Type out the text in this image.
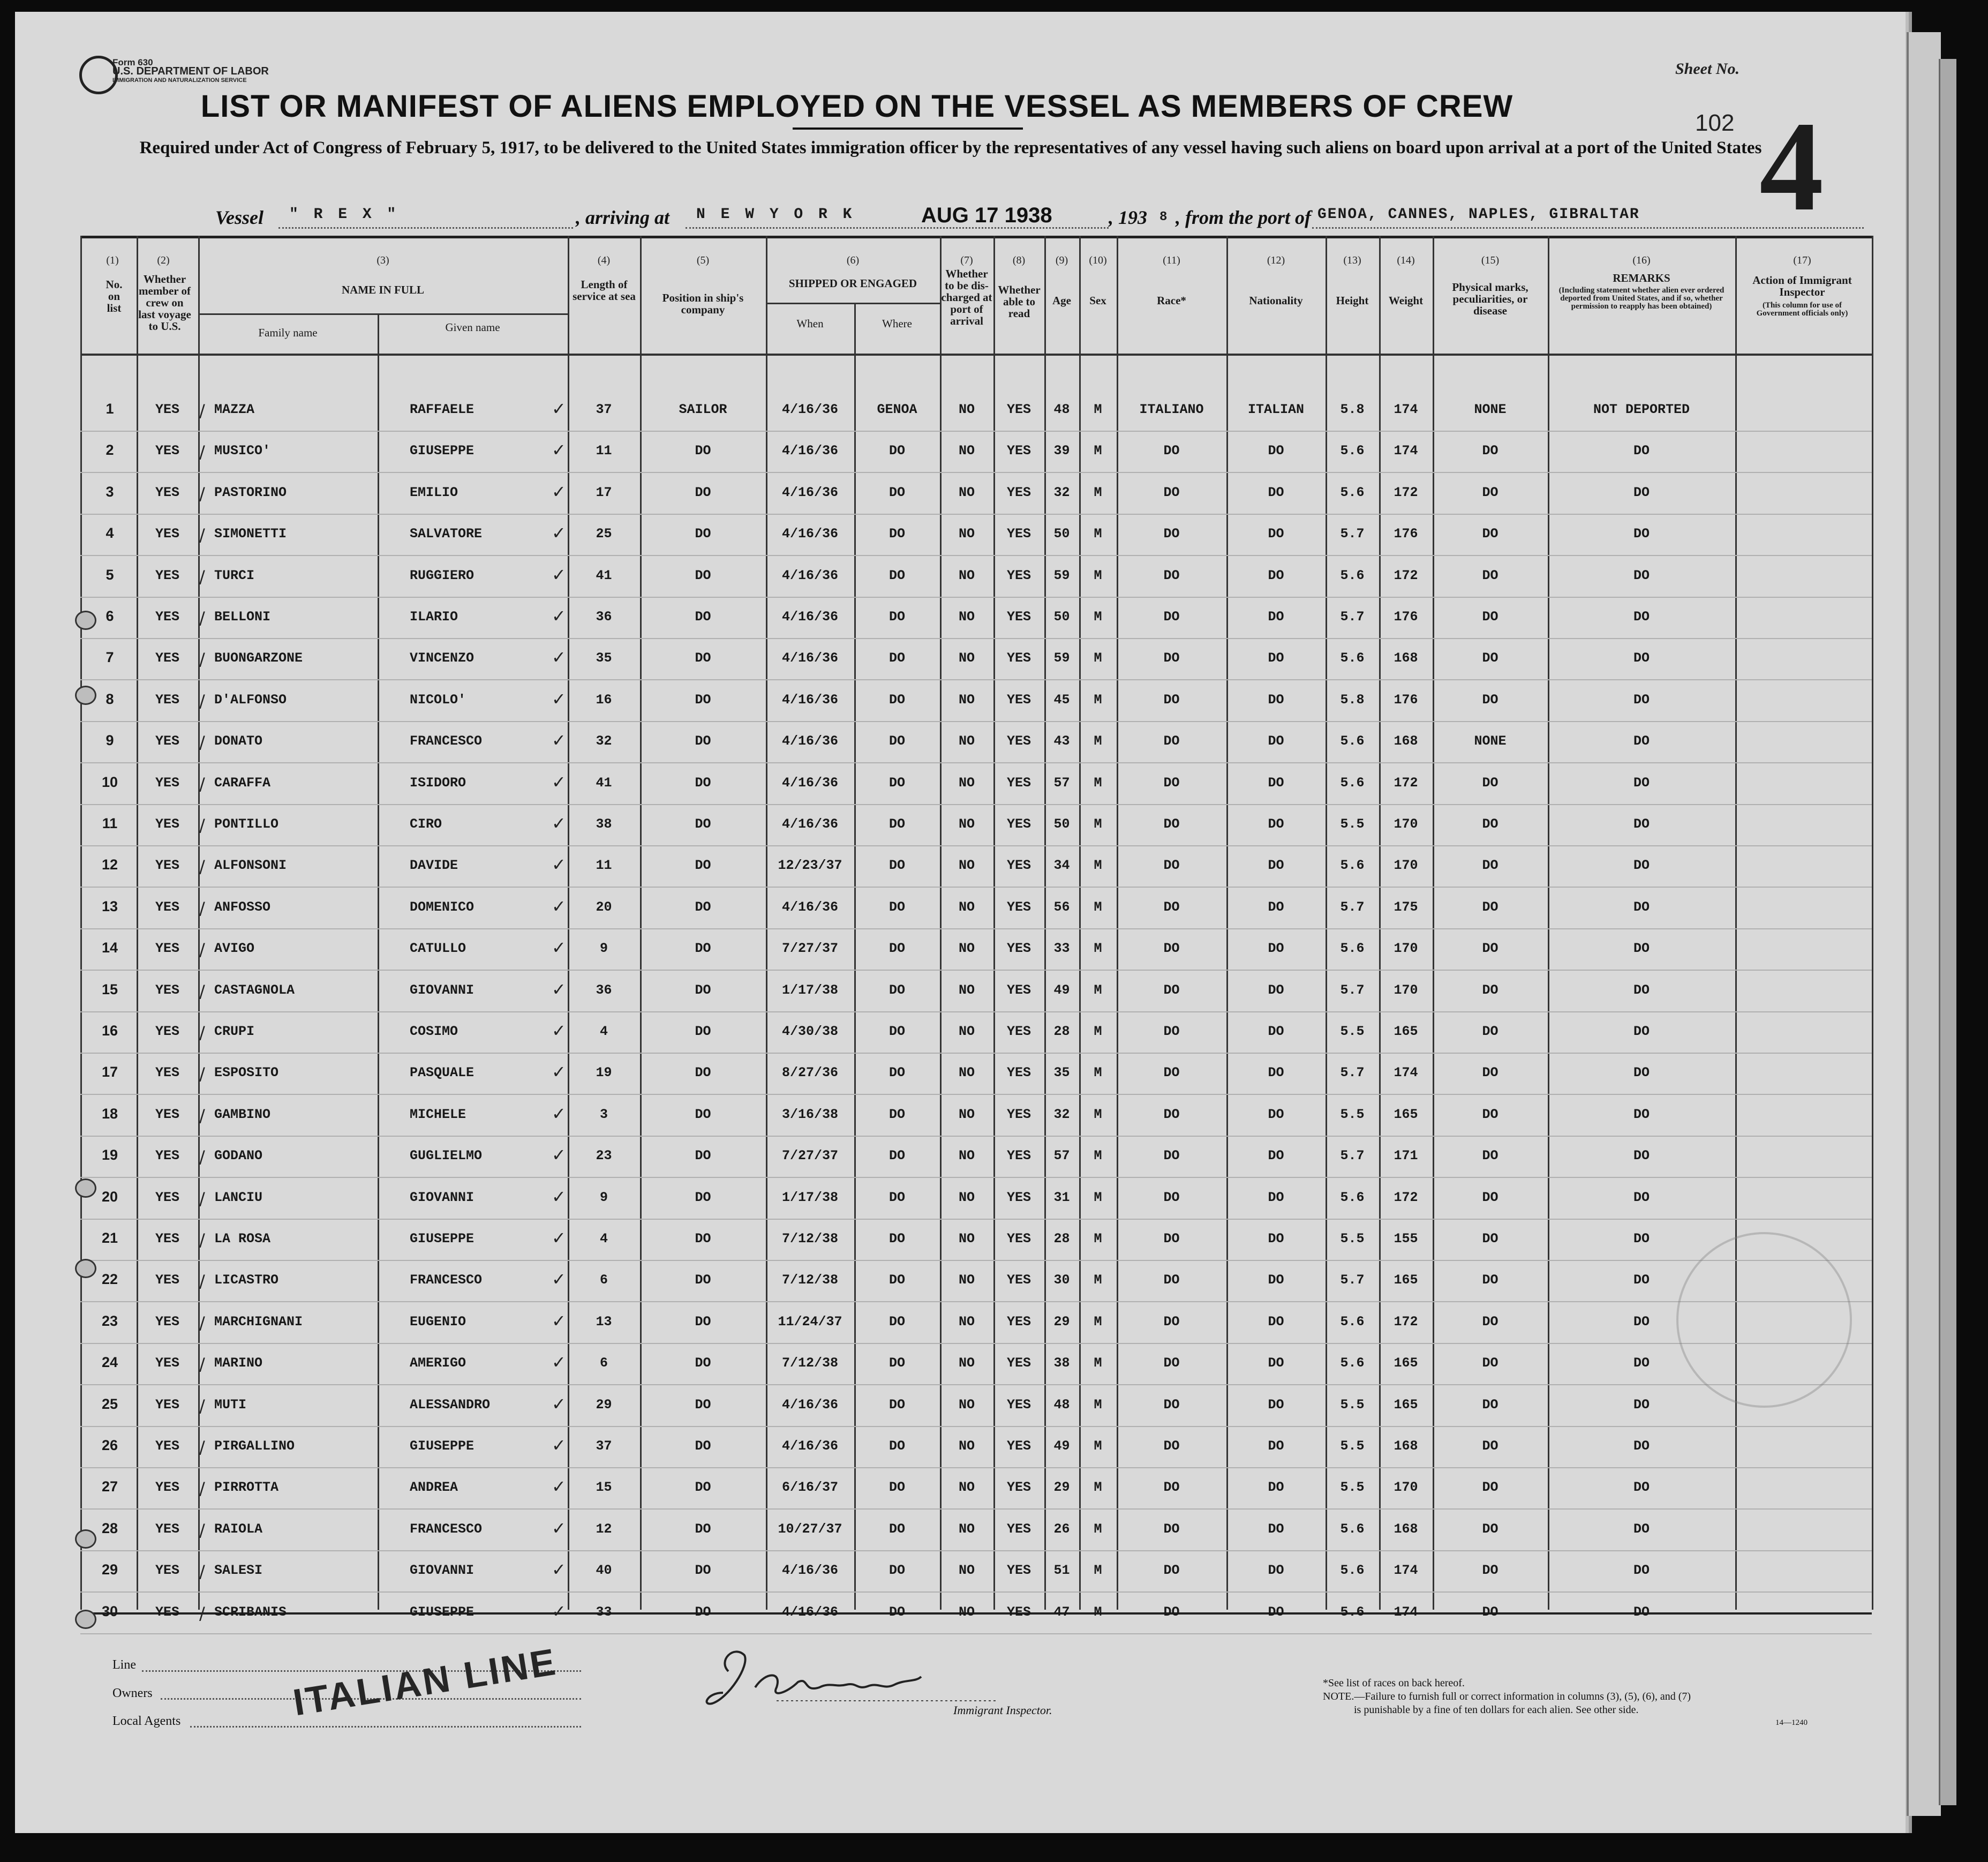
Form 630
U.S. DEPARTMENT OF LABOR
IMMIGRATION AND NATURALIZATION SERVICE
Sheet No.
102 4
LIST OR MANIFEST OF ALIENS EMPLOYED ON THE VESSEL AS MEMBERS OF CREW
Required under Act of Congress of February 5, 1917, to be delivered to the United States immigration officer by the representatives of any vessel having such aliens on board upon arrival at a port of the United States
Vessel " R E X "	, arriving at N E W Y O R K	AUG 17 1938	, 193 8 , from the port of GENOA, CANNES, NAPLES, GIBRALTAR
(1)
No. on list
(2)
Whether member of crew on last voyage to U.S.
(3)
NAME IN FULL
Family name	Given name
(4)
Length of service at sea
(5)
Position in ship's company
(6)
SHIPPED OR ENGAGED
When	Where
(7)
Whether to be dis-charged at port of arrival
(8)
Whether able to read
(9)
Age
(10)
Sex
(11)
Race*
(12)
Nationality
(13)
Height
(14)
Weight
(15)
Physical marks, peculiarities, or disease
(16)
REMARKS
(Including statement whether alien ever ordered deported from United States, and if so, whether permission to reapply has been obtained)
(17)
Action of Immigrant Inspector
(This column for use of Government officials only)
1	YES	MAZZA	RAFFAELE	37	SAILOR	4/16/36	GENOA	NO	YES	48	M	ITALIANO	ITALIAN	5.8	174	NONE	NOT DEPORTED
/	✓
2	YES	MUSICO'	GIUSEPPE	11	DO	4/16/36	DO	NO	YES	39	M	DO	DO	5.6	174	DO	DO
/	✓
3	YES	PASTORINO	EMILIO	17	DO	4/16/36	DO	NO	YES	32	M	DO	DO	5.6	172	DO	DO
/	✓
4	YES	SIMONETTI	SALVATORE	25	DO	4/16/36	DO	NO	YES	50	M	DO	DO	5.7	176	DO	DO
/	✓
5	YES	TURCI	RUGGIERO	41	DO	4/16/36	DO	NO	YES	59	M	DO	DO	5.6	172	DO	DO
/	✓
6	YES	BELLONI	ILARIO	36	DO	4/16/36	DO	NO	YES	50	M	DO	DO	5.7	176	DO	DO
/	✓
7	YES	BUONGARZONE	VINCENZO	35	DO	4/16/36	DO	NO	YES	59	M	DO	DO	5.6	168	DO	DO
/	✓
8	YES	D'ALFONSO	NICOLO'	16	DO	4/16/36	DO	NO	YES	45	M	DO	DO	5.8	176	DO	DO
/	✓
9	YES	DONATO	FRANCESCO	32	DO	4/16/36	DO	NO	YES	43	M	DO	DO	5.6	168	NONE	DO
/	✓
10	YES	CARAFFA	ISIDORO	41	DO	4/16/36	DO	NO	YES	57	M	DO	DO	5.6	172	DO	DO
/	✓
11	YES	PONTILLO	CIRO	38	DO	4/16/36	DO	NO	YES	50	M	DO	DO	5.5	170	DO	DO
/	✓
12	YES	ALFONSONI	DAVIDE	11	DO	12/23/37	DO	NO	YES	34	M	DO	DO	5.6	170	DO	DO
/	✓
13	YES	ANFOSSO	DOMENICO	20	DO	4/16/36	DO	NO	YES	56	M	DO	DO	5.7	175	DO	DO
/	✓
14	YES	AVIGO	CATULLO	9	DO	7/27/37	DO	NO	YES	33	M	DO	DO	5.6	170	DO	DO
/	✓
15	YES	CASTAGNOLA	GIOVANNI	36	DO	1/17/38	DO	NO	YES	49	M	DO	DO	5.7	170	DO	DO
/	✓
16	YES	CRUPI	COSIMO	4	DO	4/30/38	DO	NO	YES	28	M	DO	DO	5.5	165	DO	DO
/	✓
17	YES	ESPOSITO	PASQUALE	19	DO	8/27/36	DO	NO	YES	35	M	DO	DO	5.7	174	DO	DO
/	✓
18	YES	GAMBINO	MICHELE	3	DO	3/16/38	DO	NO	YES	32	M	DO	DO	5.5	165	DO	DO
/	✓
19	YES	GODANO	GUGLIELMO	23	DO	7/27/37	DO	NO	YES	57	M	DO	DO	5.7	171	DO	DO
/	✓
20	YES	LANCIU	GIOVANNI	9	DO	1/17/38	DO	NO	YES	31	M	DO	DO	5.6	172	DO	DO
/	✓
21	YES	LA ROSA	GIUSEPPE	4	DO	7/12/38	DO	NO	YES	28	M	DO	DO	5.5	155	DO	DO
/	✓
22	YES	LICASTRO	FRANCESCO	6	DO	7/12/38	DO	NO	YES	30	M	DO	DO	5.7	165	DO	DO
/	✓
23	YES	MARCHIGNANI	EUGENIO	13	DO	11/24/37	DO	NO	YES	29	M	DO	DO	5.6	172	DO	DO
/	✓
24	YES	MARINO	AMERIGO	6	DO	7/12/38	DO	NO	YES	38	M	DO	DO	5.6	165	DO	DO
/	✓
25	YES	MUTI	ALESSANDRO	29	DO	4/16/36	DO	NO	YES	48	M	DO	DO	5.5	165	DO	DO
/	✓
26	YES	PIRGALLINO	GIUSEPPE	37	DO	4/16/36	DO	NO	YES	49	M	DO	DO	5.5	168	DO	DO
/	✓
27	YES	PIRROTTA	ANDREA	15	DO	6/16/37	DO	NO	YES	29	M	DO	DO	5.5	170	DO	DO
/	✓
28	YES	RAIOLA	FRANCESCO	12	DO	10/27/37	DO	NO	YES	26	M	DO	DO	5.6	168	DO	DO
/	✓
29	YES	SALESI	GIOVANNI	40	DO	4/16/36	DO	NO	YES	51	M	DO	DO	5.6	174	DO	DO
/	✓
30	YES	SCRIBANIS	GIUSEPPE	33	DO	4/16/36	DO	NO	YES	47	M	DO	DO	5.6	174	DO	DO
/	✓
Line
Owners
Local Agents	ITALIAN LINE	Immigrant Inspector.
*See list of races on back hereof.
NOTE.—Failure to furnish full or correct information in columns (3), (5), (6), and (7)
is punishable by a fine of ten dollars for each alien. See other side.
14—1240
